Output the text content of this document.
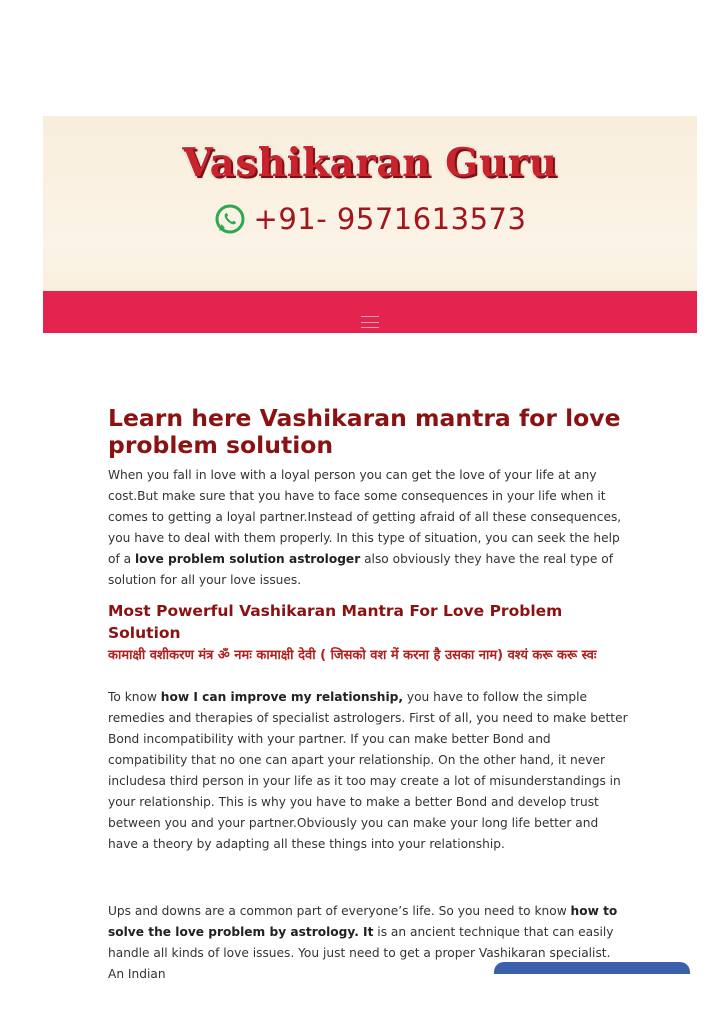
Vashikaran Guru
+91- 9571613573
Learn here Vashikaran mantra for love problem solution

When you fall in love with a loyal person you can get the love of your life at any cost.But make sure that you have to face some consequences in your life when it comes to getting a loyal partner.Instead of getting afraid of all these consequences, you have to deal with them properly. In this type of situation, you can seek the help of a love problem solution astrologer also obviously they have the real type of solution for all your love issues.

Most Powerful Vashikaran Mantra For Love Problem Solution

कामाक्षी वशीकरण मंत्र ॐ नमः कामाक्षी देवी ( जिसको वश में करना है उसका नाम) वश्यं करू करू स्वः

To know how I can improve my relationship, you have to follow the simple remedies and therapies of specialist astrologers. First of all, you need to make better Bond incompatibility with your partner. If you can make better Bond and compatibility that no one can apart your relationship. On the other hand, it never includesa third person in your life as it too may create a lot of misunderstandings in your relationship. This is why you have to make a better Bond and develop trust between you and your partner.Obviously you can make your long life better and have a theory by adapting all these things into your relationship.

Ups and downs are a common part of everyone’s life. So you need to know how to solve the love problem by astrology. It is an ancient technique that can easily handle all kinds of love issues. You just need to get a proper Vashikaran specialist. An Indian
